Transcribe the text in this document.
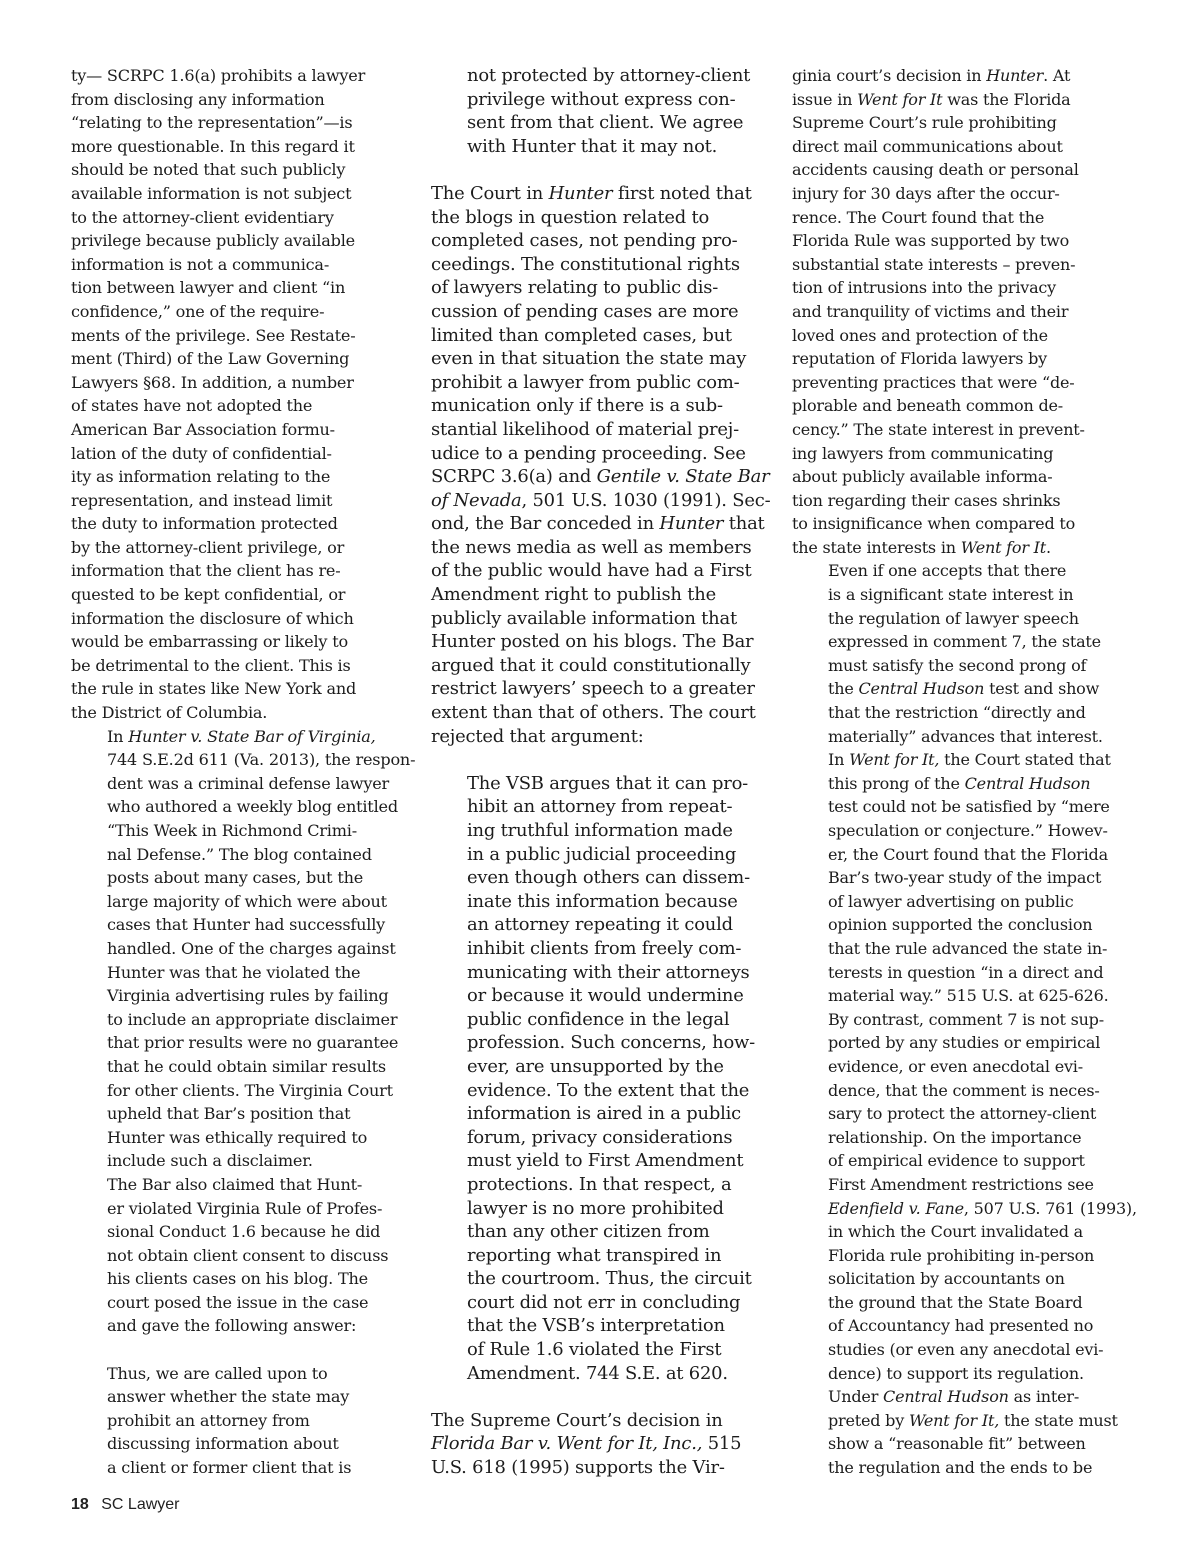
ty— SCRPC 1.6(a) prohibits a lawyer
from disclosing any information
“relating to the representation”—is
more questionable. In this regard it
should be noted that such publicly
available information is not subject
to the attorney-client evidentiary
privilege because publicly available
information is not a communica-
tion between lawyer and client “in
confidence,” one of the require-
ments of the privilege. See Restate-
ment (Third) of the Law Governing
Lawyers §68. In addition, a number
of states have not adopted the
American Bar Association formu-
lation of the duty of confidential-
ity as information relating to the
representation, and instead limit
the duty to information protected
by the attorney-client privilege, or
information that the client has re-
quested to be kept confidential, or
information the disclosure of which
would be embarrassing or likely to
be detrimental to the client. This is
the rule in states like New York and
the District of Columbia.

In Hunter v. State Bar of Virginia,
744 S.E.2d 611 (Va. 2013), the respon-
dent was a criminal defense lawyer
who authored a weekly blog entitled
“This Week in Richmond Crimi-
nal Defense.” The blog contained
posts about many cases, but the
large majority of which were about
cases that Hunter had successfully
handled. One of the charges against
Hunter was that he violated the
Virginia advertising rules by failing
to include an appropriate disclaimer
that prior results were no guarantee
that he could obtain similar results
for other clients. The Virginia Court
upheld that Bar’s position that
Hunter was ethically required to
include such a disclaimer.

The Bar also claimed that Hunt-
er violated Virginia Rule of Profes-
sional Conduct 1.6 because he did
not obtain client consent to discuss
his clients cases on his blog. The
court posed the issue in the case
and gave the following answer:

Thus, we are called upon to
answer whether the state may
prohibit an attorney from
discussing information about
a client or former client that is

not protected by attorney-client
privilege without express con-
sent from that client. We agree
with Hunter that it may not.

The Court in Hunter first noted that
the blogs in question related to
completed cases, not pending pro-
ceedings. The constitutional rights
of lawyers relating to public dis-
cussion of pending cases are more
limited than completed cases, but
even in that situation the state may
prohibit a lawyer from public com-
munication only if there is a sub-
stantial likelihood of material prej-
udice to a pending proceeding. See
SCRPC 3.6(a) and Gentile v. State Bar
of Nevada, 501 U.S. 1030 (1991). Sec-
ond, the Bar conceded in Hunter that
the news media as well as members
of the public would have had a First
Amendment right to publish the
publicly available information that
Hunter posted on his blogs. The Bar
argued that it could constitutionally
restrict lawyers’ speech to a greater
extent than that of others. The court
rejected that argument:

The VSB argues that it can pro-
hibit an attorney from repeat-
ing truthful information made
in a public judicial proceeding
even though others can dissem-
inate this information because
an attorney repeating it could
inhibit clients from freely com-
municating with their attorneys
or because it would undermine
public confidence in the legal
profession. Such concerns, how-
ever, are unsupported by the
evidence. To the extent that the
information is aired in a public
forum, privacy considerations
must yield to First Amendment
protections. In that respect, a
lawyer is no more prohibited
than any other citizen from
reporting what transpired in
the courtroom. Thus, the circuit
court did not err in concluding
that the VSB’s interpretation
of Rule 1.6 violated the First
Amendment. 744 S.E. at 620.

The Supreme Court’s decision in
Florida Bar v. Went for It, Inc., 515
U.S. 618 (1995) supports the Vir-

ginia court’s decision in Hunter. At
issue in Went for It was the Florida
Supreme Court’s rule prohibiting
direct mail communications about
accidents causing death or personal
injury for 30 days after the occur-
rence. The Court found that the
Florida Rule was supported by two
substantial state interests – preven-
tion of intrusions into the privacy
and tranquility of victims and their
loved ones and protection of the
reputation of Florida lawyers by
preventing practices that were “de-
plorable and beneath common de-
cency.” The state interest in prevent-
ing lawyers from communicating
about publicly available informa-
tion regarding their cases shrinks
to insignificance when compared to
the state interests in Went for It.

Even if one accepts that there
is a significant state interest in
the regulation of lawyer speech
expressed in comment 7, the state
must satisfy the second prong of
the Central Hudson test and show
that the restriction “directly and
materially” advances that interest.
In Went for It, the Court stated that
this prong of the Central Hudson
test could not be satisfied by “mere
speculation or conjecture.” Howev-
er, the Court found that the Florida
Bar’s two-year study of the impact
of lawyer advertising on public
opinion supported the conclusion
that the rule advanced the state in-
terests in question “in a direct and
material way.” 515 U.S. at 625-626.
By contrast, comment 7 is not sup-
ported by any studies or empirical
evidence, or even anecdotal evi-
dence, that the comment is neces-
sary to protect the attorney-client
relationship. On the importance
of empirical evidence to support
First Amendment restrictions see
Edenfield v. Fane, 507 U.S. 761 (1993),
in which the Court invalidated a
Florida rule prohibiting in-person
solicitation by accountants on
the ground that the State Board
of Accountancy had presented no
studies (or even any anecdotal evi-
dence) to support its regulation.

Under Central Hudson as inter-
preted by Went for It, the state must
show a “reasonable fit” between
the regulation and the ends to be

18 SC Lawyer
